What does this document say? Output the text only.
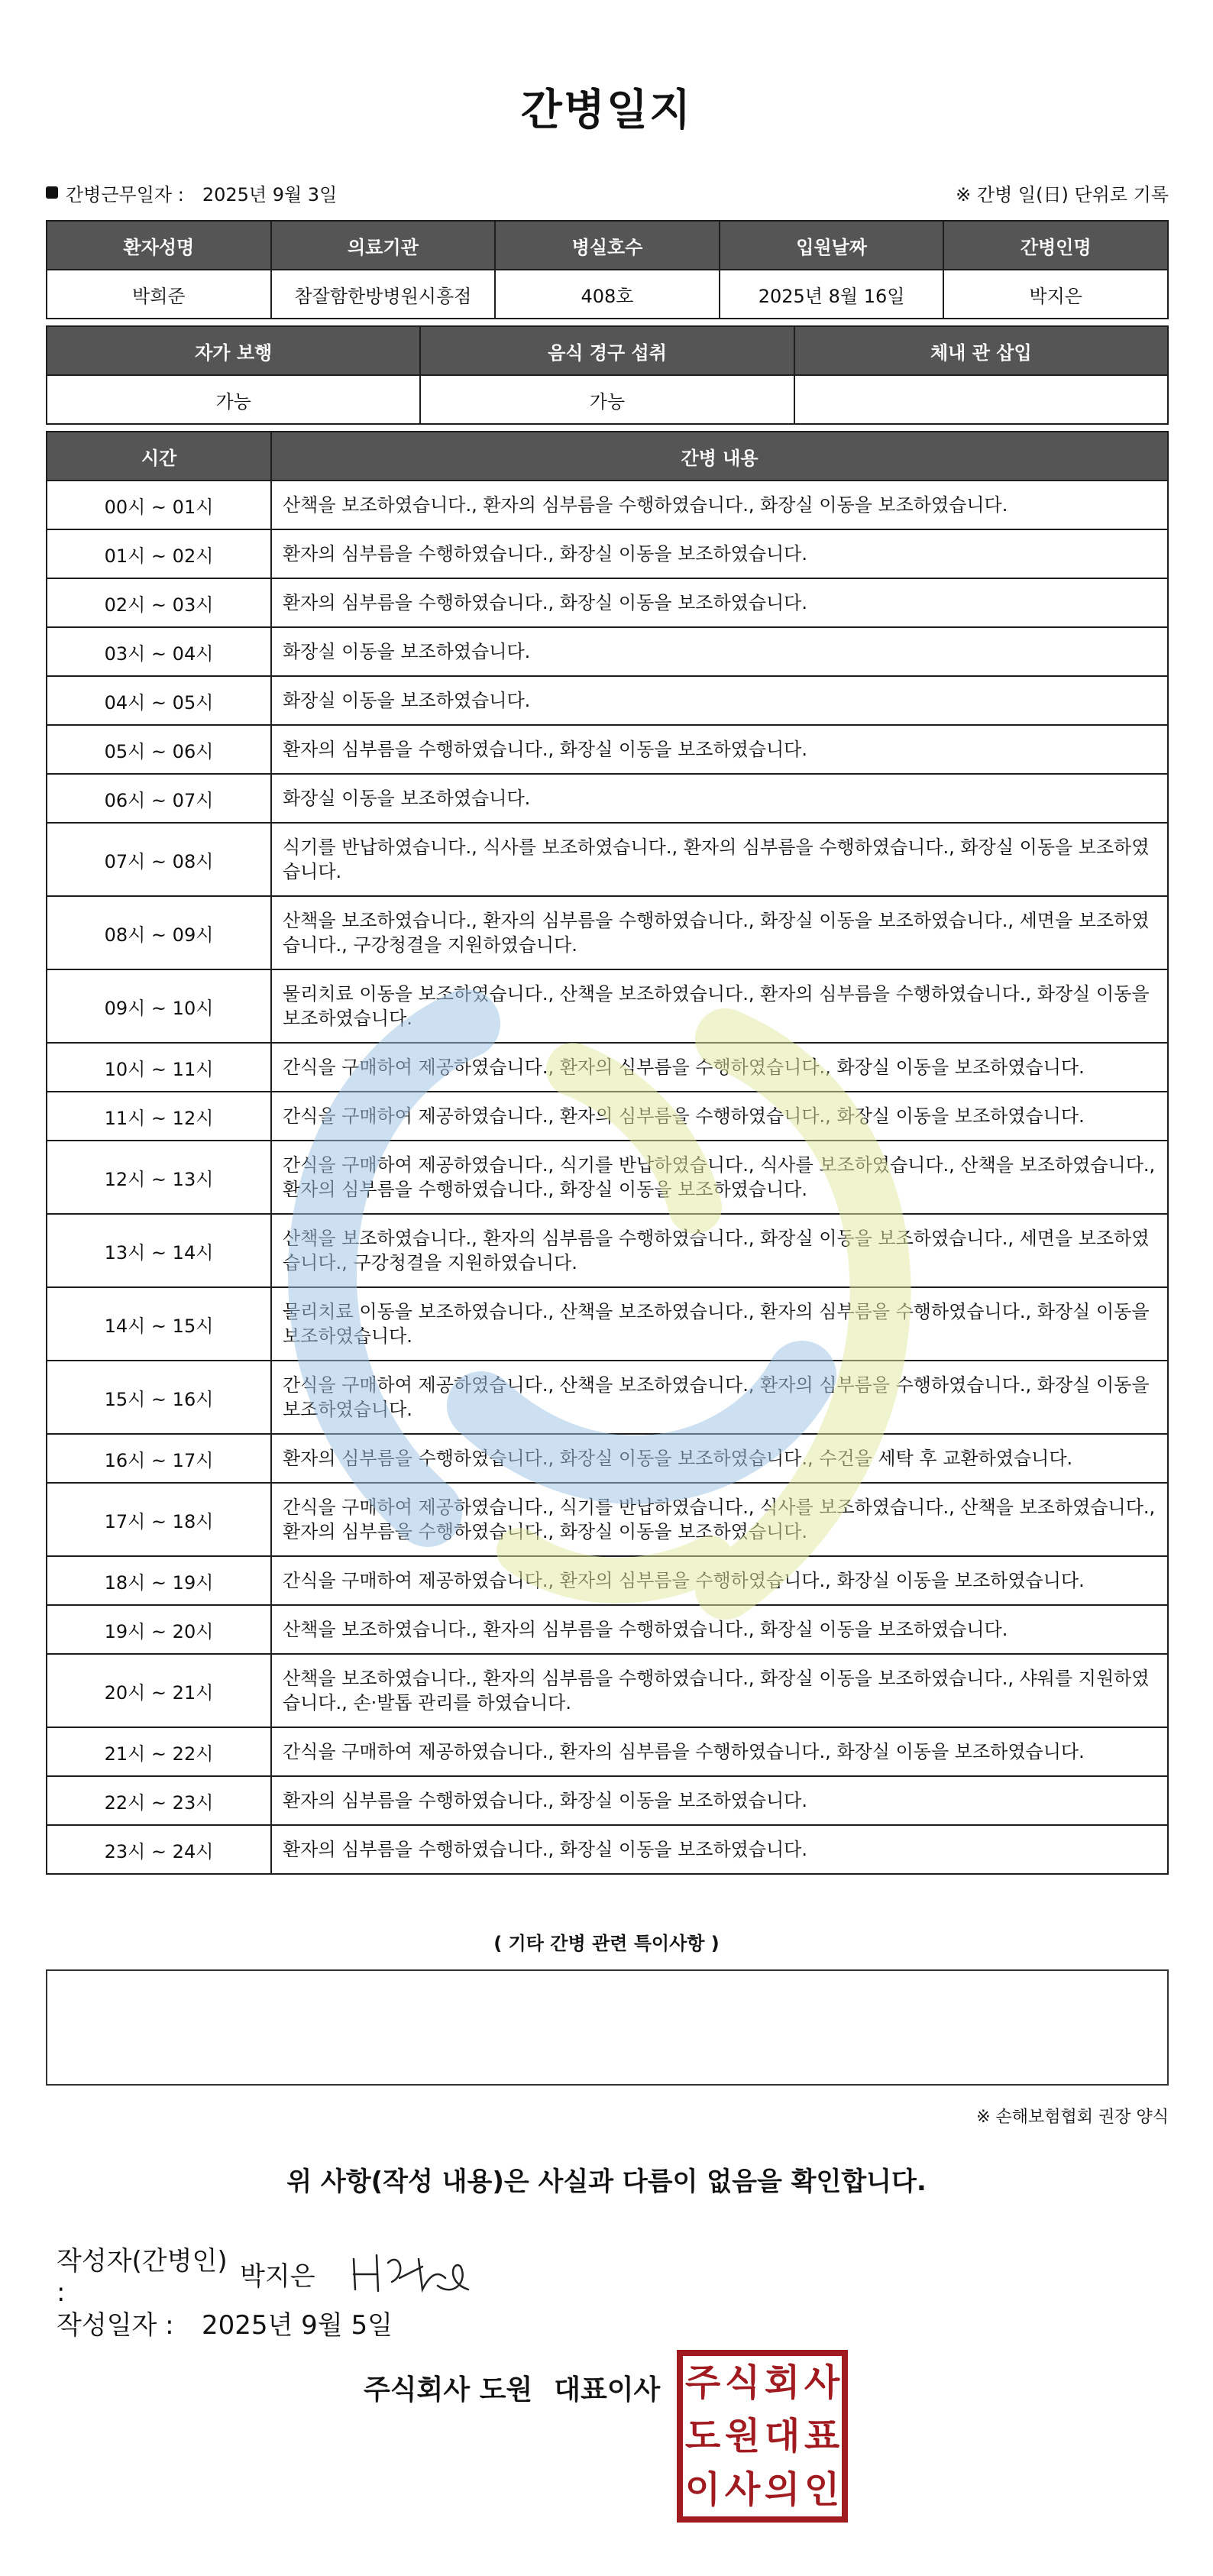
간병일지
간병근무일자 : 2025년 9월 3일	※ 간병 일(日) 단위로 기록
환자성명	의료기관	병실호수	입원날짜	간병인명
박희준	참잘함한방병원시흥점	408호	2025년 8월 16일	박지은
자가 보행	음식 경구 섭취	체내 관 삽입
가능	가능	
시간	간병 내용
00시 ~ 01시	산책을 보조하였습니다., 환자의 심부름을 수행하였습니다., 화장실 이동을 보조하였습니다.
01시 ~ 02시	환자의 심부름을 수행하였습니다., 화장실 이동을 보조하였습니다.
02시 ~ 03시	환자의 심부름을 수행하였습니다., 화장실 이동을 보조하였습니다.
03시 ~ 04시	화장실 이동을 보조하였습니다.
04시 ~ 05시	화장실 이동을 보조하였습니다.
05시 ~ 06시	환자의 심부름을 수행하였습니다., 화장실 이동을 보조하였습니다.
06시 ~ 07시	화장실 이동을 보조하였습니다.
07시 ~ 08시	식기를 반납하였습니다., 식사를 보조하였습니다., 환자의 심부름을 수행하였습니다., 화장실 이동을 보조하였습니다.
08시 ~ 09시	산책을 보조하였습니다., 환자의 심부름을 수행하였습니다., 화장실 이동을 보조하였습니다., 세면을 보조하였습니다., 구강청결을 지원하였습니다.
09시 ~ 10시	물리치료 이동을 보조하였습니다., 산책을 보조하였습니다., 환자의 심부름을 수행하였습니다., 화장실 이동을 보조하였습니다.
10시 ~ 11시	간식을 구매하여 제공하였습니다., 환자의 심부름을 수행하였습니다., 화장실 이동을 보조하였습니다.
11시 ~ 12시	간식을 구매하여 제공하였습니다., 환자의 심부름을 수행하였습니다., 화장실 이동을 보조하였습니다.
12시 ~ 13시	간식을 구매하여 제공하였습니다., 식기를 반납하였습니다., 식사를 보조하였습니다., 산책을 보조하였습니다., 환자의 심부름을 수행하였습니다., 화장실 이동을 보조하였습니다.
13시 ~ 14시	산책을 보조하였습니다., 환자의 심부름을 수행하였습니다., 화장실 이동을 보조하였습니다., 세면을 보조하였습니다., 구강청결을 지원하였습니다.
14시 ~ 15시	물리치료 이동을 보조하였습니다., 산책을 보조하였습니다., 환자의 심부름을 수행하였습니다., 화장실 이동을 보조하였습니다.
15시 ~ 16시	간식을 구매하여 제공하였습니다., 산책을 보조하였습니다., 환자의 심부름을 수행하였습니다., 화장실 이동을 보조하였습니다.
16시 ~ 17시	환자의 심부름을 수행하였습니다., 화장실 이동을 보조하였습니다., 수건을 세탁 후 교환하였습니다.
17시 ~ 18시	간식을 구매하여 제공하였습니다., 식기를 반납하였습니다., 식사를 보조하였습니다., 산책을 보조하였습니다., 환자의 심부름을 수행하였습니다., 화장실 이동을 보조하였습니다.
18시 ~ 19시	간식을 구매하여 제공하였습니다., 환자의 심부름을 수행하였습니다., 화장실 이동을 보조하였습니다.
19시 ~ 20시	산책을 보조하였습니다., 환자의 심부름을 수행하였습니다., 화장실 이동을 보조하였습니다.
20시 ~ 21시	산책을 보조하였습니다., 환자의 심부름을 수행하였습니다., 화장실 이동을 보조하였습니다., 샤워를 지원하였습니다., 손·발톱 관리를 하였습니다.
21시 ~ 22시	간식을 구매하여 제공하였습니다., 환자의 심부름을 수행하였습니다., 화장실 이동을 보조하였습니다.
22시 ~ 23시	환자의 심부름을 수행하였습니다., 화장실 이동을 보조하였습니다.
23시 ~ 24시	환자의 심부름을 수행하였습니다., 화장실 이동을 보조하였습니다.
( 기타 간병 관련 특이사항 )
※ 손해보험협회 권장 양식
위 사항(작성 내용)은 사실과 다름이 없음을 확인합니다.
작성자(간병인) :
박지은
작성일자 :	2025년 9월 5일
주식회사 도원 대표이사 주 식 회 사
도 원 대 표
이 사 의 인
